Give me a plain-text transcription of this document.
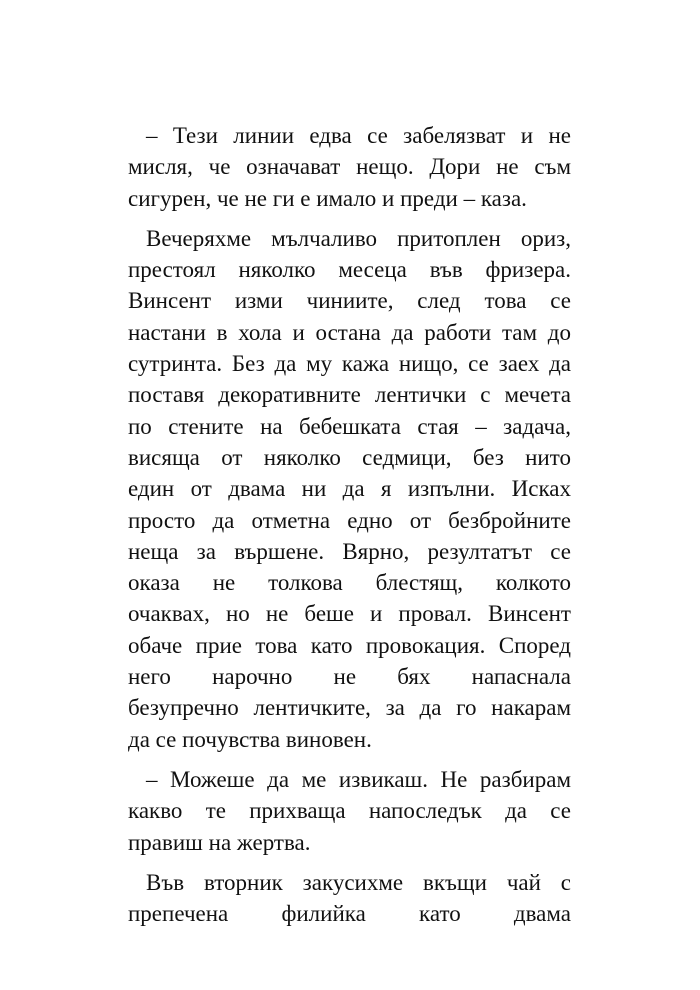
– Тези линии едва се забелязват и не
мисля, че означават нещо. Дори не съм
сигурен, че не ги е имало и преди – каза.

Вечеряхме мълчаливо притоплен ориз,
престоял няколко месеца във фризера.
Винсент изми чиниите, след това се
настани в хола и остана да работи там до
сутринта. Без да му кажа нищо, се заех да
поставя декоративните лентички с мечета
по стените на бебешката стая – задача,
висяща от няколко седмици, без нито
един от двама ни да я изпълни. Исках
просто да отметна едно от безбройните
неща за вършене. Вярно, резултатът се
оказа не толкова блестящ, колкото
очаквах, но не беше и провал. Винсент
обаче прие това като провокация. Според
него нарочно не бях напаснала
безупречно лентичките, за да го накарам
да се почувства виновен.

– Можеше да ме извикаш. Не разбирам
какво те прихваща напоследък да се
правиш на жертва.

Във вторник закусихме вкъщи чай с
препечена филийка като двама
